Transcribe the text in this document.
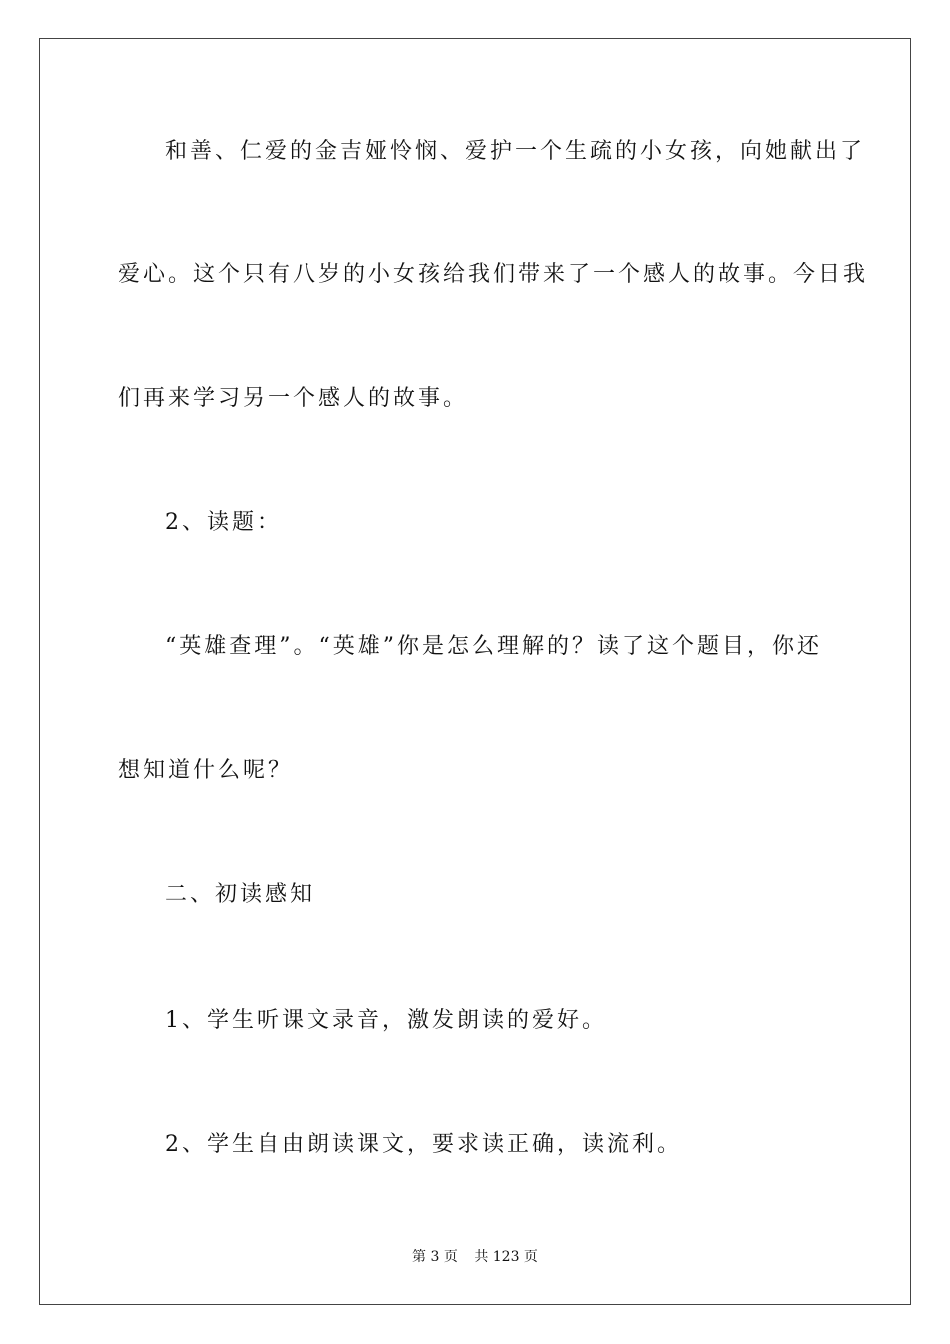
和善、仁爱的金吉娅怜悯、爱护一个生疏的小女孩，向她献出了
爱心。这个只有八岁的小女孩给我们带来了一个感人的故事。今日我
们再来学习另一个感人的故事。
2、读题：
“英雄查理”。“英雄”你是怎么理解的？读了这个题目，你还
想知道什么呢？
二、初读感知
1、学生听课文录音，激发朗读的爱好。
2、学生自由朗读课文，要求读正确，读流利。
第 3 页 共 123 页
